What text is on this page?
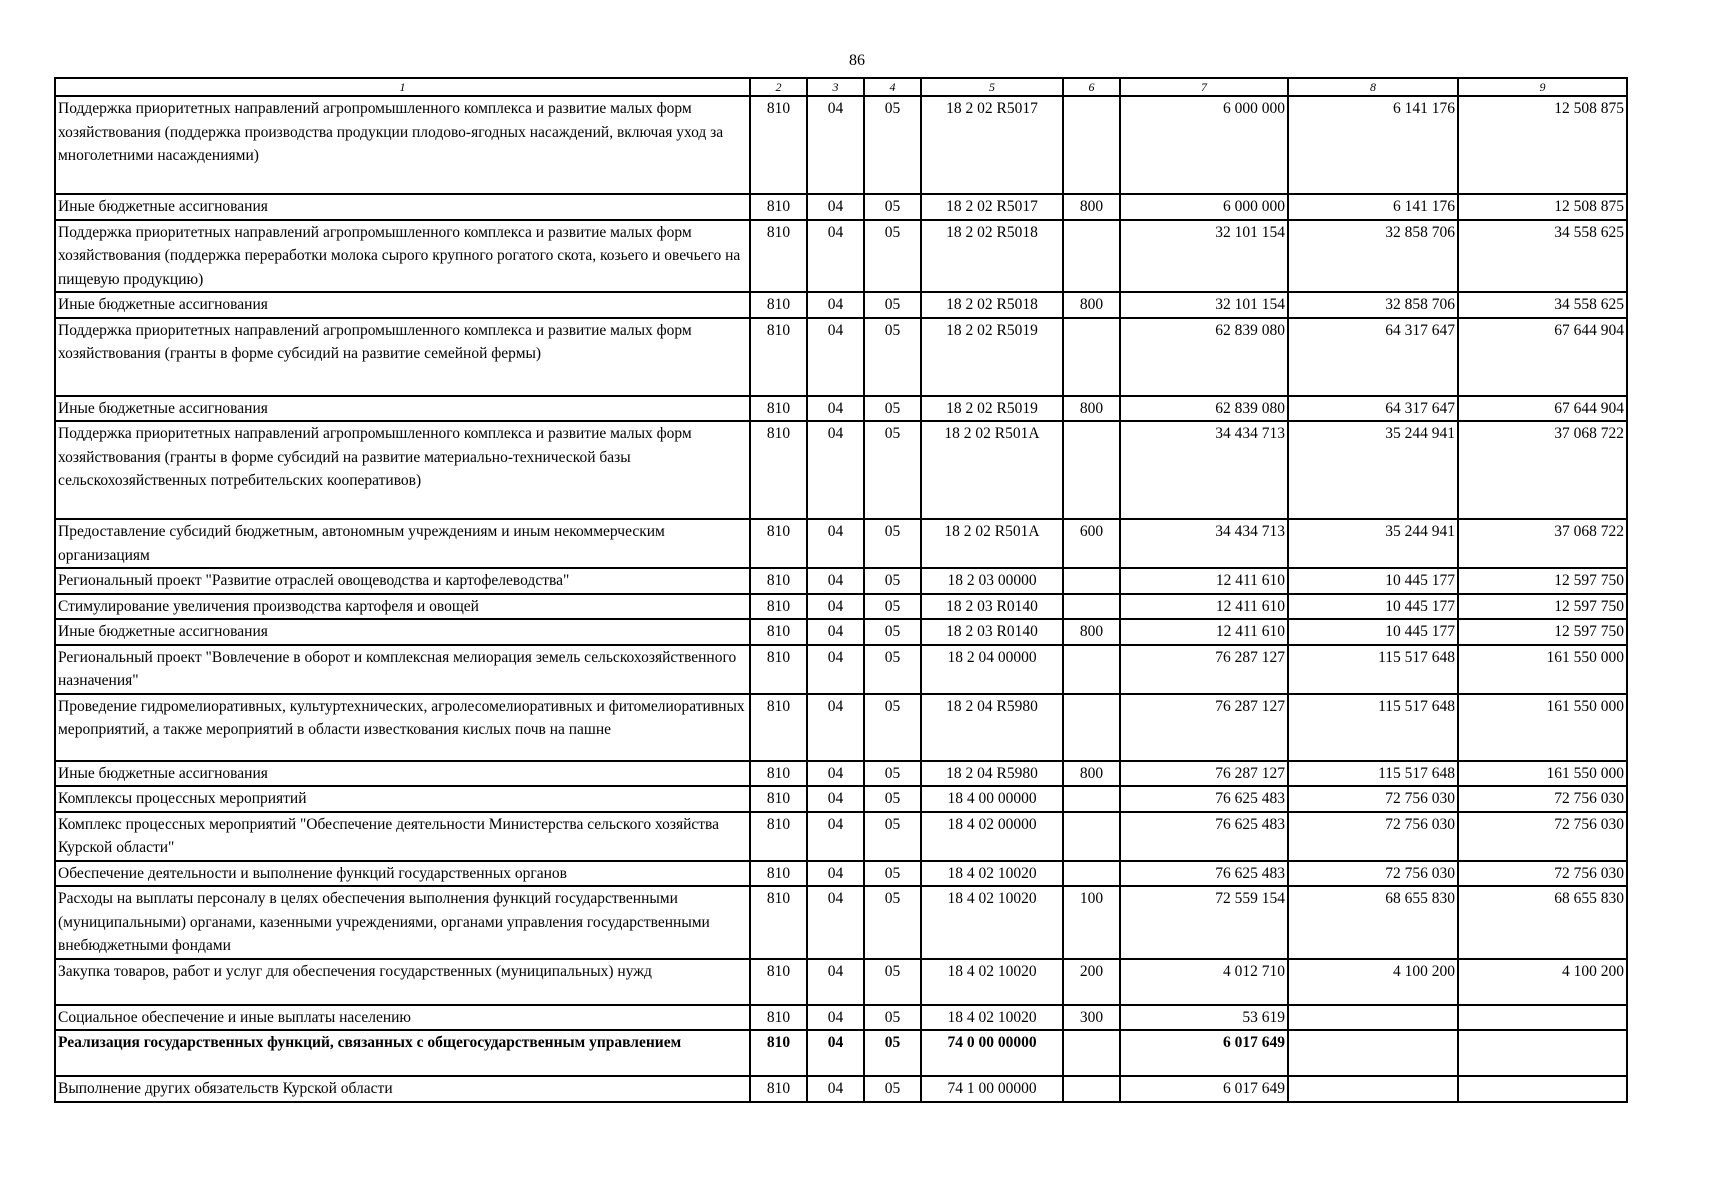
86
1	2	3	4	5	6	7	8	9
Поддержка приоритетных направлений агропромышленного комплекса и развитие малых форм хозяйствования (поддержка производства продукции плодово-ягодных насаждений, включая уход за многолетними насаждениями)	810	04	05	18 2 02 R5017		6 000 000	6 141 176	12 508 875
Иные бюджетные ассигнования	810	04	05	18 2 02 R5017	800	6 000 000	6 141 176	12 508 875
Поддержка приоритетных направлений агропромышленного комплекса и развитие малых форм хозяйствования (поддержка переработки молока сырого крупного рогатого скота, козьего и овечьего на пищевую продукцию)	810	04	05	18 2 02 R5018		32 101 154	32 858 706	34 558 625
Иные бюджетные ассигнования	810	04	05	18 2 02 R5018	800	32 101 154	32 858 706	34 558 625
Поддержка приоритетных направлений агропромышленного комплекса и развитие малых форм хозяйствования (гранты в форме субсидий на развитие семейной фермы)	810	04	05	18 2 02 R5019		62 839 080	64 317 647	67 644 904
Иные бюджетные ассигнования	810	04	05	18 2 02 R5019	800	62 839 080	64 317 647	67 644 904
Поддержка приоритетных направлений агропромышленного комплекса и развитие малых форм хозяйствования (гранты в форме субсидий на развитие материально-технической базы сельскохозяйственных потребительских кооперативов)	810	04	05	18 2 02 R501A		34 434 713	35 244 941	37 068 722
Предоставление субсидий бюджетным, автономным учреждениям и иным некоммерческим организациям	810	04	05	18 2 02 R501A	600	34 434 713	35 244 941	37 068 722
Региональный проект "Развитие отраслей овощеводства и картофелеводства"	810	04	05	18 2 03 00000		12 411 610	10 445 177	12 597 750
Стимулирование увеличения производства картофеля и овощей	810	04	05	18 2 03 R0140		12 411 610	10 445 177	12 597 750
Иные бюджетные ассигнования	810	04	05	18 2 03 R0140	800	12 411 610	10 445 177	12 597 750
Региональный проект "Вовлечение в оборот и комплексная мелиорация земель сельскохозяйственного назначения"	810	04	05	18 2 04 00000		76 287 127	115 517 648	161 550 000
Проведение гидромелиоративных, культуртехнических, агролесомелиоративных и фитомелиоративных мероприятий, а также мероприятий в области известкования кислых почв на пашне	810	04	05	18 2 04 R5980		76 287 127	115 517 648	161 550 000
Иные бюджетные ассигнования	810	04	05	18 2 04 R5980	800	76 287 127	115 517 648	161 550 000
Комплексы процессных мероприятий	810	04	05	18 4 00 00000		76 625 483	72 756 030	72 756 030
Комплекс процессных мероприятий "Обеспечение деятельности Министерства сельского хозяйства Курской области"	810	04	05	18 4 02 00000		76 625 483	72 756 030	72 756 030
Обеспечение деятельности и выполнение функций государственных органов	810	04	05	18 4 02 10020		76 625 483	72 756 030	72 756 030
Расходы на выплаты персоналу в целях обеспечения выполнения функций государственными (муниципальными) органами, казенными учреждениями, органами управления государственными внебюджетными фондами	810	04	05	18 4 02 10020	100	72 559 154	68 655 830	68 655 830
Закупка товаров, работ и услуг для обеспечения государственных (муниципальных) нужд	810	04	05	18 4 02 10020	200	4 012 710	4 100 200	4 100 200
Социальное обеспечение и иные выплаты населению	810	04	05	18 4 02 10020	300	53 619		
Реализация государственных функций, связанных с общегосударственным управлением	810	04	05	74 0 00 00000		6 017 649		
Выполнение других обязательств Курской области	810	04	05	74 1 00 00000		6 017 649		
